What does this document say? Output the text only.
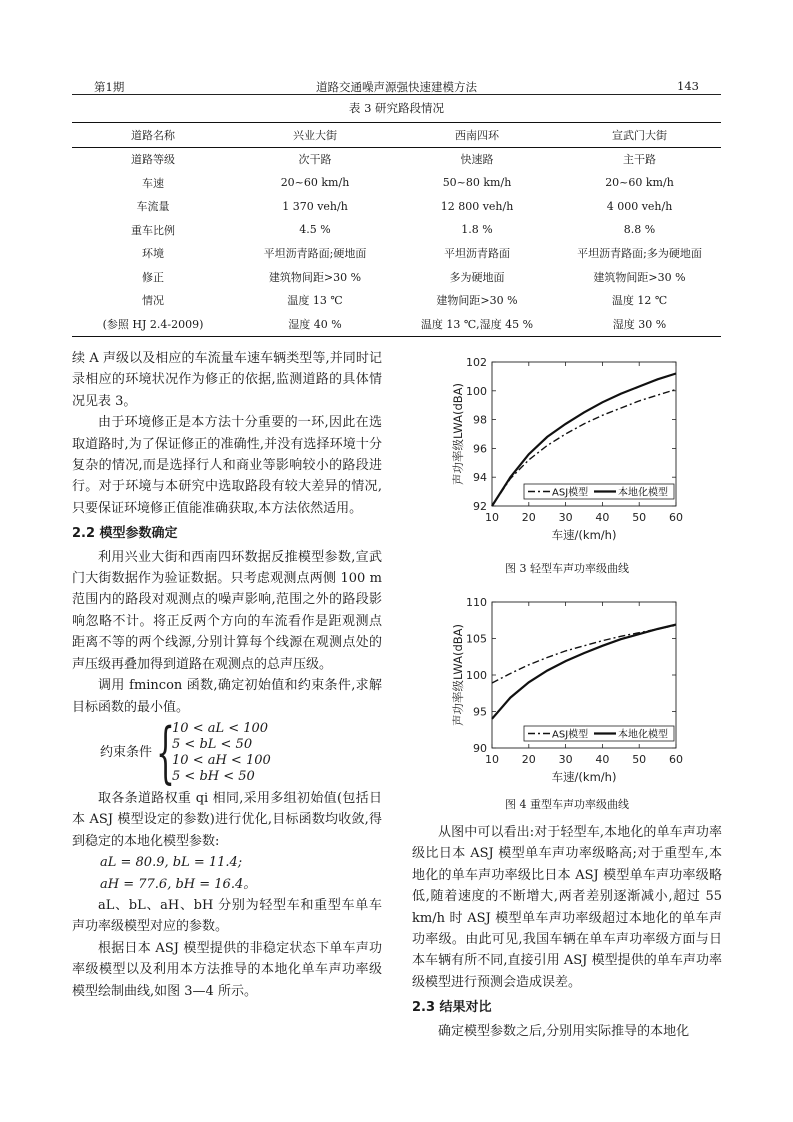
第1期	道路交通噪声源强快速建模方法	143
表 3 研究路段情况
道路名称	兴业大街	西南四环	宣武门大街
道路等级	次干路	快速路	主干路
车速	20~60 km/h	50~80 km/h	20~60 km/h
车流量	1 370 veh/h	12 800 veh/h	4 000 veh/h
重车比例	4.5 %	1.8 %	8.8 %
环境	平坦沥青路面;硬地面	平坦沥青路面	平坦沥青路面;多为硬地面
修正	建筑物间距>30 %	多为硬地面	建筑物间距>30 %
情况	温度 13 ℃	建物间距>30 %	温度 12 ℃
(参照 HJ 2.4-2009)	湿度 40 %	温度 13 ℃,湿度 45 %	湿度 30 %

续 A 声级以及相应的车流量车速车辆类型等,并同时记录相应的环境状况作为修正的依据,监测道路的具体情况见表 3。

由于环境修正是本方法十分重要的一环,因此在选取道路时,为了保证修正的准确性,并没有选择环境十分复杂的情况,而是选择行人和商业等影响较小的路段进行。对于环境与本研究中选取路段有较大差异的情况,只要保证环境修正值能准确获取,本方法依然适用。

2.2 模型参数确定

利用兴业大街和西南四环数据反推模型参数,宣武门大街数据作为验证数据。只考虑观测点两侧 100 m 范围内的路段对观测点的噪声影响,范围之外的路段影响忽略不计。将正反两个方向的车流看作是距观测点距离不等的两个线源,分别计算每个线源在观测点处的声压级再叠加得到道路在观测点的总声压级。

调用 fmincon 函数,确定初始值和约束条件,求解目标函数的最小值。

约束条件 {
10 < aL < 100
5 < bL < 50
10 < aH < 100
5 < bH < 50

取各条道路权重 qi 相同,采用多组初始值(包括日本 ASJ 模型设定的参数)进行优化,目标函数均收敛,得到稳定的本地化模型参数:

aL = 80.9, bL = 11.4;
aH = 77.6, bH = 16.4。

aL、bL、aH、bH 分别为轻型车和重型车单车声功率级模型对应的参数。

根据日本 ASJ 模型提供的非稳定状态下单车声功率级模型以及利用本方法推导的本地化单车声功率级模型绘制曲线,如图 3—4 所示。

10 20 30 40 50 60
92
94
96
98
100
102
车速/(km/h)
声功率级LWA(dBA)
ASJ模型	本地化模型
图 3 轻型车声功率级曲线
10 20 30 40 50 60
90
95
100
105
110
车速/(km/h)
声功率级LWA(dBA)
ASJ模型	本地化模型
图 4 重型车声功率级曲线

从图中可以看出:对于轻型车,本地化的单车声功率级比日本 ASJ 模型单车声功率级略高;对于重型车,本地化的单车声功率级比日本 ASJ 模型单车声功率级略低,随着速度的不断增大,两者差别逐渐减小,超过 55 km/h 时 ASJ 模型单车声功率级超过本地化的单车声功率级。由此可见,我国车辆在单车声功率级方面与日本车辆有所不同,直接引用 ASJ 模型提供的单车声功率级模型进行预测会造成误差。

2.3 结果对比

确定模型参数之后,分别用实际推导的本地化
